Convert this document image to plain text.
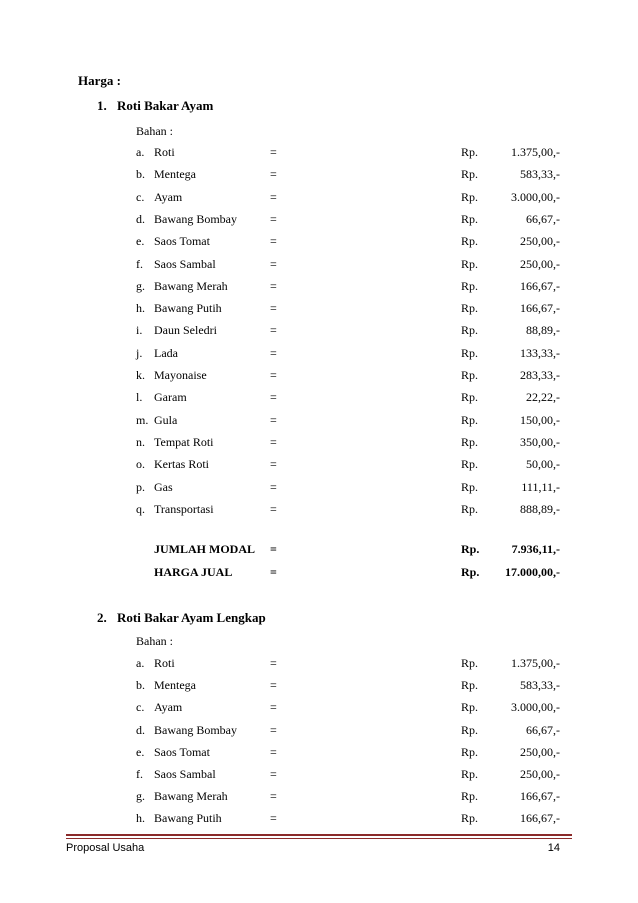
Harga :
1. Roti Bakar Ayam
Bahan :
a. Roti	=	Rp.	1.375,00,-
b. Mentega	=	Rp.	583,33,-
c. Ayam	=	Rp.	3.000,00,-
d. Bawang Bombay	=	Rp.	66,67,-
e. Saos Tomat	=	Rp.	250,00,-
f. Saos Sambal	=	Rp.	250,00,-
g. Bawang Merah	=	Rp.	166,67,-
h. Bawang Putih	=	Rp.	166,67,-
i. Daun Seledri	=	Rp.	88,89,-
j. Lada	=	Rp.	133,33,-
k. Mayonaise	=	Rp.	283,33,-
l. Garam	=	Rp.	22,22,-
m. Gula	=	Rp.	150,00,-
n. Tempat Roti	=	Rp.	350,00,-
o. Kertas Roti	=	Rp.	50,00,-
p. Gas	=	Rp.	111,11,-
q. Transportasi	=	Rp.	888,89,-
JUMLAH MODAL =	Rp.	7.936,11,-
HARGA JUAL	=	Rp. 17.000,00,-
2. Roti Bakar Ayam Lengkap
Bahan :
a. Roti	=	Rp.	1.375,00,-
b. Mentega	=	Rp.	583,33,-
c. Ayam	=	Rp.	3.000,00,-
d. Bawang Bombay	=	Rp.	66,67,-
e. Saos Tomat	=	Rp.	250,00,-
f. Saos Sambal	=	Rp.	250,00,-
g. Bawang Merah	=	Rp.	166,67,-
h. Bawang Putih	=	Rp.	166,67,-
Proposal Usaha	14
